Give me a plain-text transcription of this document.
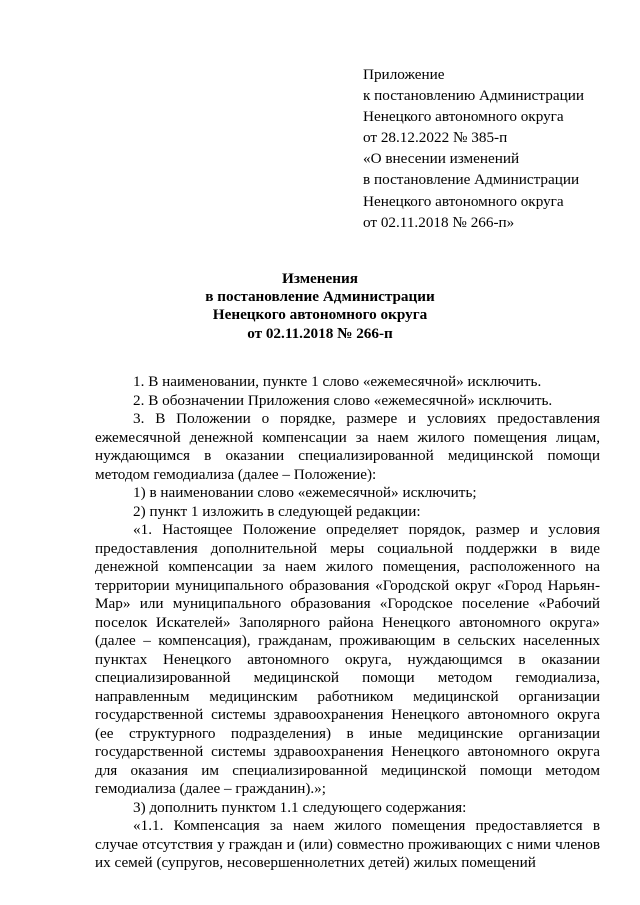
Приложение
к постановлению Администрации
Ненецкого автономного округа
от 28.12.2022 № 385-п
«О внесении изменений
в постановление Администрации
Ненецкого автономного округа
от 02.11.2018 № 266-п»
Изменения
в постановление Администрации
Ненецкого автономного округа
от 02.11.2018 № 266-п

1. В наименовании, пункте 1 слово «ежемесячной» исключить.

2. В обозначении Приложения слово «ежемесячной» исключить.

3. В Положении о порядке, размере и условиях предоставления ежемесячной денежной компенсации за наем жилого помещения лицам, нуждающимся в оказании специализированной медицинской помощи методом гемодиализа (далее – Положение):

1) в наименовании слово «ежемесячной» исключить;

2) пункт 1 изложить в следующей редакции:

«1. Настоящее Положение определяет порядок, размер и условия предоставления дополнительной меры социальной поддержки в виде денежной компенсации за наем жилого помещения, расположенного на территории муниципального образования «Городской округ «Город Нарьян-Мар» или муниципального образования «Городское поселение «Рабочий поселок Искателей» Заполярного района Ненецкого автономного округа» (далее – компенсация), гражданам, проживающим в сельских населенных пунктах Ненецкого автономного округа, нуждающимся в оказании специализированной медицинской помощи методом гемодиализа, направленным медицинским работником медицинской организации государственной системы здравоохранения Ненецкого автономного округа (ее структурного подразделения) в иные медицинские организации государственной системы здравоохранения Ненецкого автономного округа для оказания им специализированной медицинской помощи методом гемодиализа (далее – гражданин).»;

3) дополнить пунктом 1.1 следующего содержания:

«1.1. Компенсация за наем жилого помещения предоставляется в случае отсутствия у граждан и (или) совместно проживающих с ними членов их семей (супругов, несовершеннолетних детей) жилых помещений
